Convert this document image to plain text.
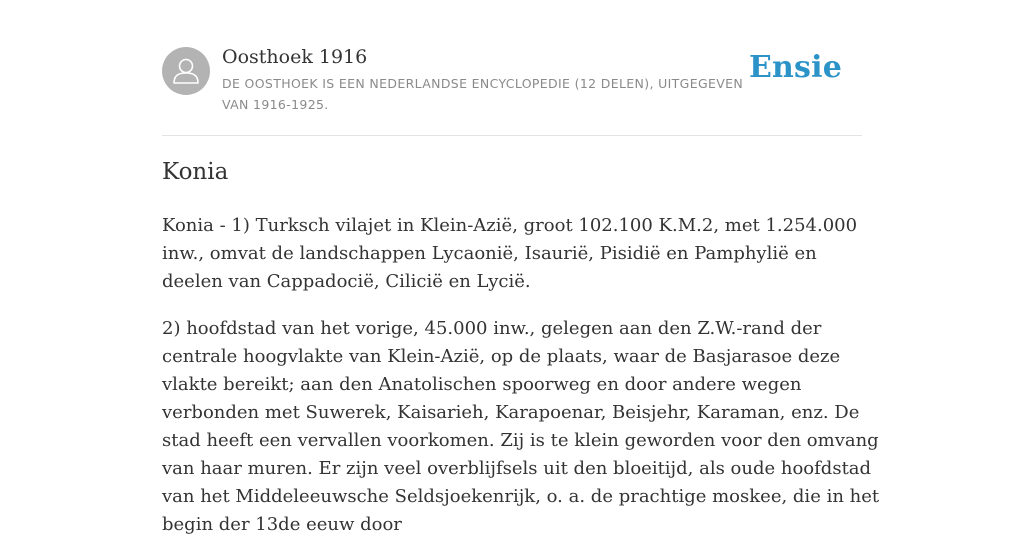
Oosthoek 1916
DE OOSTHOEK IS EEN NEDERLANDSE ENCYCLOPEDIE (12 DELEN), UITGEGEVEN VAN 1916-1925.
Ensie
Konia

Konia - 1) Turksch vilajet in Klein-Azië, groot 102.100 K.M.2, met 1.254.000 inw., omvat de landschappen Lycaonië, Isaurië, Pisidië en Pamphylië en deelen van Cappadocië, Cilicië en Lycië.

2) hoofdstad van het vorige, 45.000 inw., gelegen aan den Z.W.-rand der centrale hoogvlakte van Klein-Azië, op de plaats, waar de Basjarasoe deze vlakte bereikt; aan den Anatolischen spoorweg en door andere wegen verbonden met Suwerek, Kaisarieh, Karapoenar, Beisjehr, Karaman, enz. De stad heeft een vervallen voorkomen. Zij is te klein geworden voor den omvang van haar muren. Er zijn veel overblijfsels uit den bloeitijd, als oude hoofdstad van het Middeleeuwsche Seldsjoekenrijk, o. a. de prachtige moskee, die in het begin der 13de eeuw door
